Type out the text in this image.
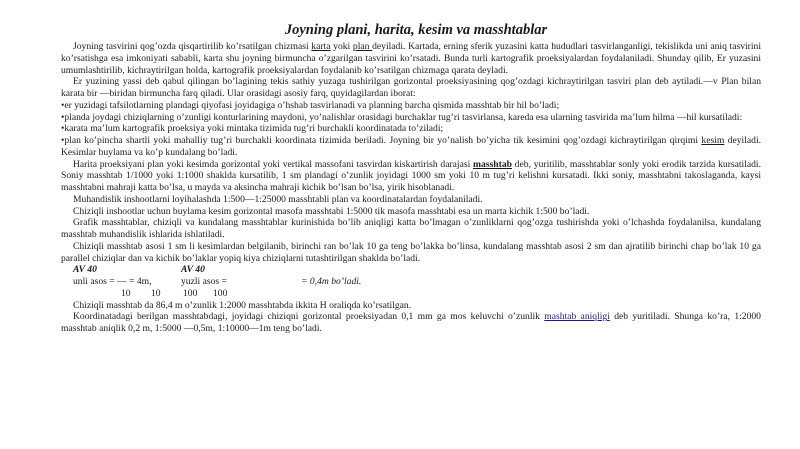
Joyning plani, harita, kesim va masshtablar

Joyning tasvirini qog’ozda qisqartirilib ko’rsatilgan chizmasi karta yoki plan deyiladi. Kartada, erning sferik yuzasini katta hududlari tasvirlanganligi, tekislikda uni aniq tasvirini ko’rsatishga esa imkoniyati sababli, karta shu joyning birmuncha o’zgarilgan tasvirini ko’rsatadi. Bunda turli kartografik proeksiyalardan foydalaniladi. Shunday qilib, Er yuzasini umumlashtirilib, kichraytirilgan holda, kartografik proeksiyalardan foydalanib ko’rsatilgan chizmaga qarata deyladi.

Er yuzining yassi deb qabul qilingan bo’lagining tekis sathiy yuzaga tushirilgan gorizontal proeksiyasining qog’ozdagi kichraytirilgan tasviri plan deb aytiladi.—v Plan bilan karata bir —biridan birmuncha farq qiladi. Ular orasidagi asosiy farq, quyidagilardan iborat:

•er yuzidagi tafsilotlarning plandagi qiyofasi joyidagiga o’hshab tasvirlanadi va planning barcha qismida masshtab bir hil bo’ladi;

•planda joydagi chiziqlarning o’zunligi konturlarining maydoni, yo’nalishlar orasidagi burchaklar tug’ri tasvirlansa, kareda esa ularning tasvirida ma’lum hilma —hil kursatiladi:

•karata ma’lum kartografik proeksiya yoki mintaka tizimida tug’ri burchakli koordinatada to’ziladi;

•plan ko’pincha shartli yoki mahalliy tug’ri burchakli koordinata tizimida beriladi. Joyning bir yo’nalish bo’yicha tik kesimini qog’ozdagi kichraytirilgan qirqimi kesim deyiladi. Kesimlar buylama va ko’p kundalang bo’ladi.

Harita proeksiyani plan yoki kesimda gorizontal yoki vertikal massofani tasvirdan kiskartirish darajasi masshtab deb, yuritilib, masshtablar sonly yoki erodik tarzida kursatiladi. Soniy masshtab 1/1000 yoki 1:1000 shaklda kursatilib, 1 sm plandagi o’zunlik joyidagi 1000 sm yoki 10 m tug’ri kelishni kursatadi. Ikki soniy, masshtabni takoslaganda, kaysi masshtabni mahraji katta bo’lsa, u mayda va aksincha mahraji kichik bo’lsan bo’lsa, yirik hisoblanadi.

Muhandislik inshootlarni loyihalashda 1:500—1:25000 masshtabli plan va koordinatalardan foydalaniladi.

Chiziqli inshootlar uchun buylama kesim gorizontal masofa masshtabi 1:5000 tik masofa masshtabi esa un marta kichik 1:500 bo’ladi.

Grafik masshtablar, chiziqli va kundalang masshtablar kurinishida bo’lib aniqligi katta bo’lmagan o’zunliklarni qog’ozga tushirishda yoki o’lchashda foydalanilsa, kundalang masshtab muhandislik ishlarida ishlatiladi.

Chiziqli masshtab asosi 1 sm li kesimlardan belgilanib, birinchi ran bo’lak 10 ga teng bo’lakka bo’linsa, kundalang masshtab asosi 2 sm dan ajratilib birinchi chap bo’lak 10 ga parallel chiziqlar dan va kichik bo’laklar yopiq kiya chiziqlarni tutashtirilgan shaklda bo’ladi.

AV 40	AV 40
unli asos = — = 4m,	yuzli asos =	= 0,4m bo’ladi.
10	10	100	100

Chiziqli masshtab da 86,4 m o’zunlik 1:2000 masshtabda ikkita H oraliqda ko’rsatilgan.

Koordinatadagi berilgan masshtabdagi, joyidagi chiziqni gorizontal proeksiyadan 0,1 mm ga mos keluvchi o’zunlik mashtab aniqligi deb yuritiladi. Shunga ko’ra, 1:2000 masshtab aniqlik 0,2 m, 1:5000 —0,5m, 1:10000—1m teng bo’ladi.
